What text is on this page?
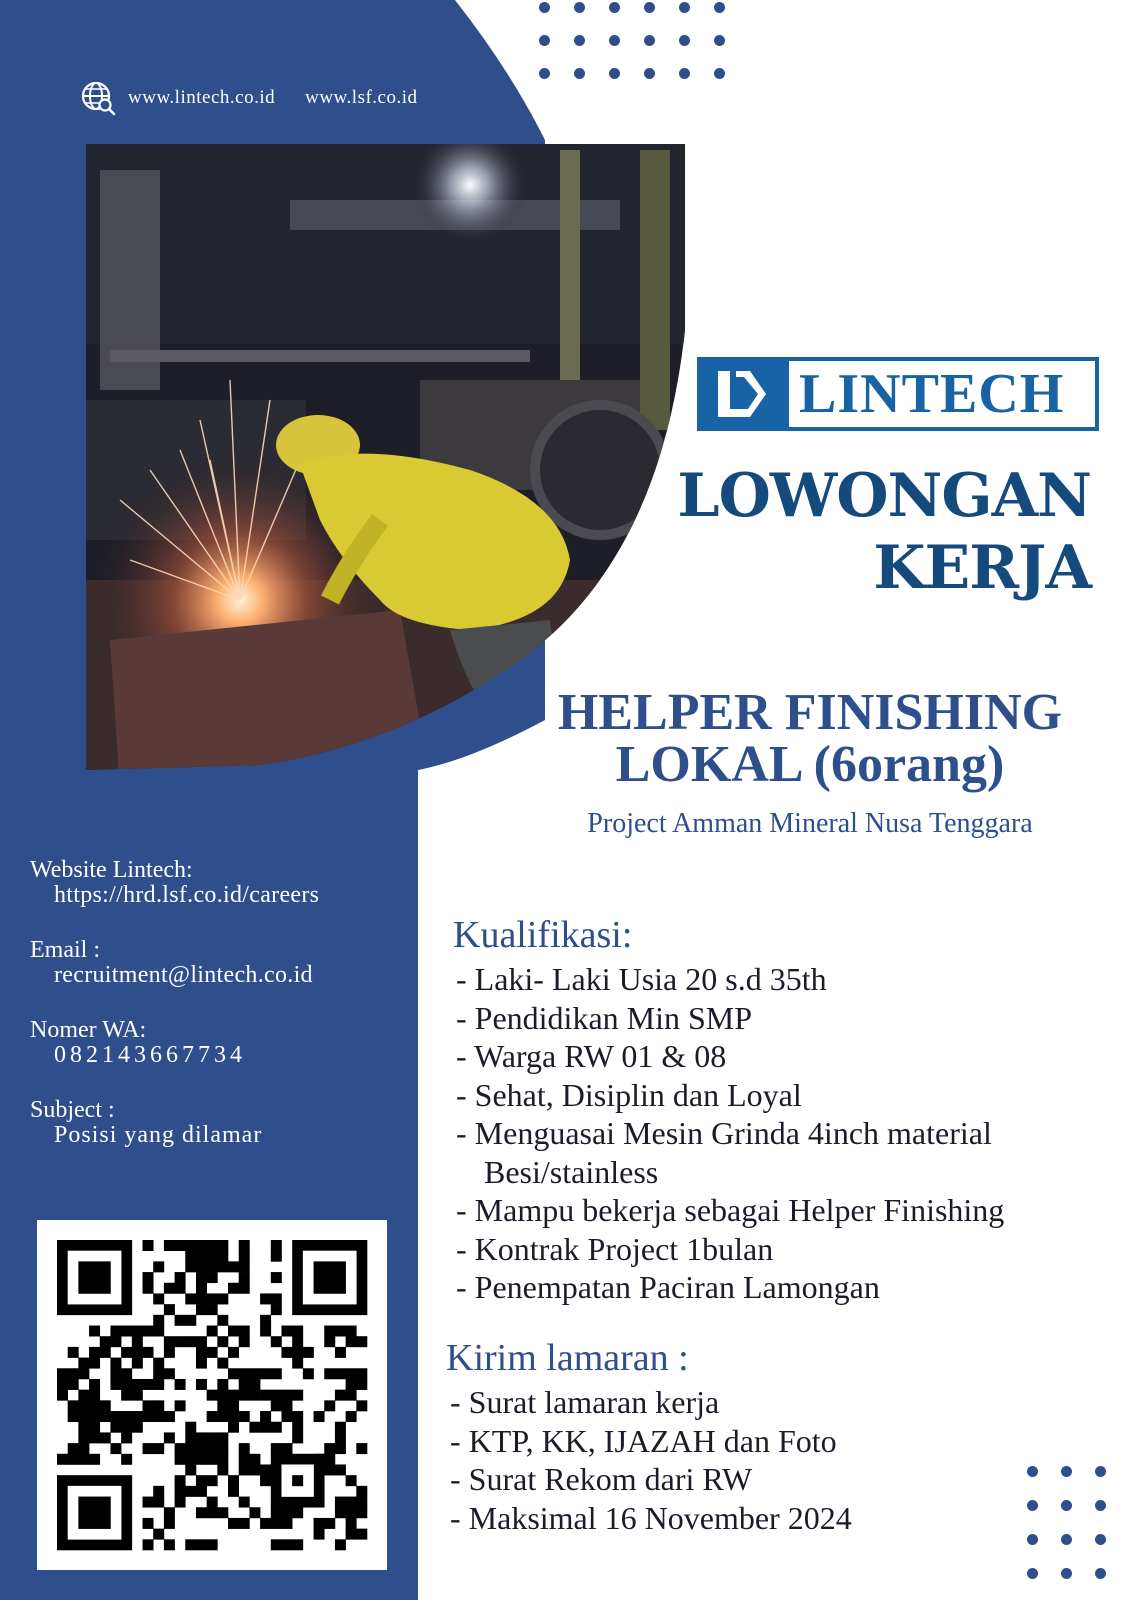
www.lintech.co.id www.lsf.co.id
LINTECH
LOWONGAN
KERJA
HELPER FINISHING
LOKAL (6orang)
Project Amman Mineral Nusa Tenggara
Website Lintech:
https://hrd.lsf.co.id/careers
Email :
recruitment@lintech.co.id
Nomer WA:
082143667734
Subject :
Posisi yang dilamar
Kualifikasi:
- Laki- Laki Usia 20 s.d 35th
- Pendidikan Min SMP
- Warga RW 01 & 08
- Sehat, Disiplin dan Loyal
- Menguasai Mesin Grinda 4inch material
Besi/stainless
- Mampu bekerja sebagai Helper Finishing
- Kontrak Project 1bulan
- Penempatan Paciran Lamongan
Kirim lamaran :
- Surat lamaran kerja
- KTP, KK, IJAZAH dan Foto
- Surat Rekom dari RW
- Maksimal 16 November 2024
